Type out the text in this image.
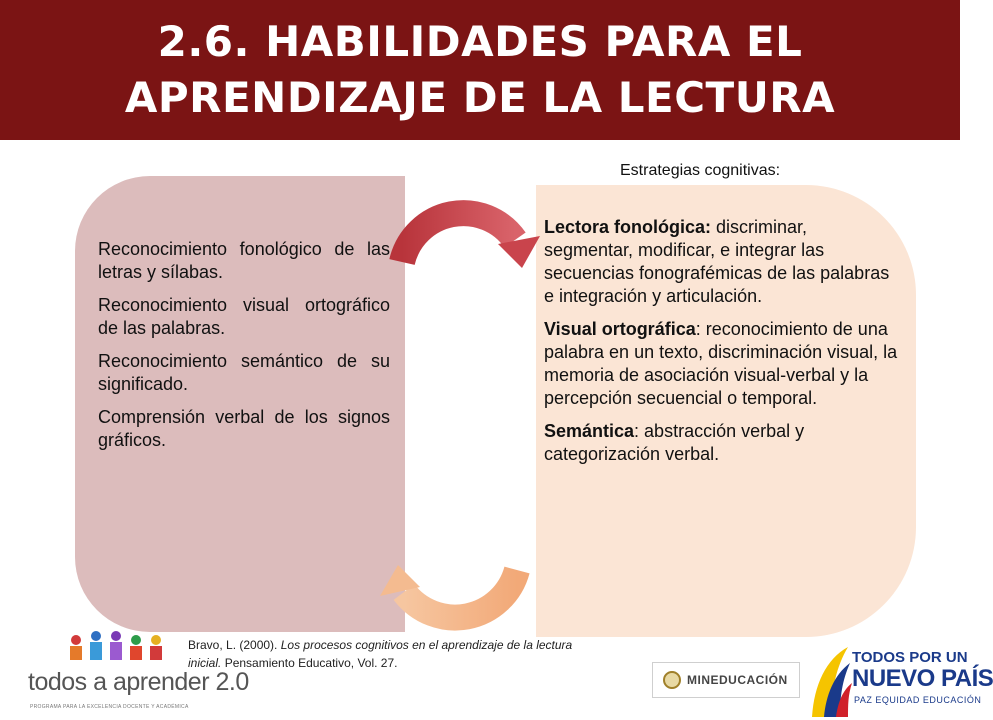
2.6. HABILIDADES PARA EL
APRENDIZAJE DE LA LECTURA
Reconocimiento fonológico de las letras y sílabas.
Reconocimiento visual ortográfico de las palabras.
Reconocimiento semántico de su significado.
Comprensión verbal de los signos gráficos.

Lectora fonológica: discriminar, segmentar, modificar, e integrar las secuencias fonografémicas de las palabras e integración y articulación.

Visual ortográfica: reconocimiento de una palabra en un texto, discriminación visual, la memoria de asociación visual-verbal y la percepción secuencial o temporal.

Semántica: abstracción verbal y categorización verbal.

Estrategias cognitivas:
Bravo, L. (2000). Los procesos cognitivos en el aprendizaje de la lectura inicial. Pensamiento Educativo, Vol. 27.
todos a aprender 2.0
PROGRAMA PARA LA EXCELENCIA DOCENTE Y ACADÉMICA
MINEDUCACIÓN
TODOS POR UN
NUEVO PAÍS
PAZ EQUIDAD EDUCACIÓN
